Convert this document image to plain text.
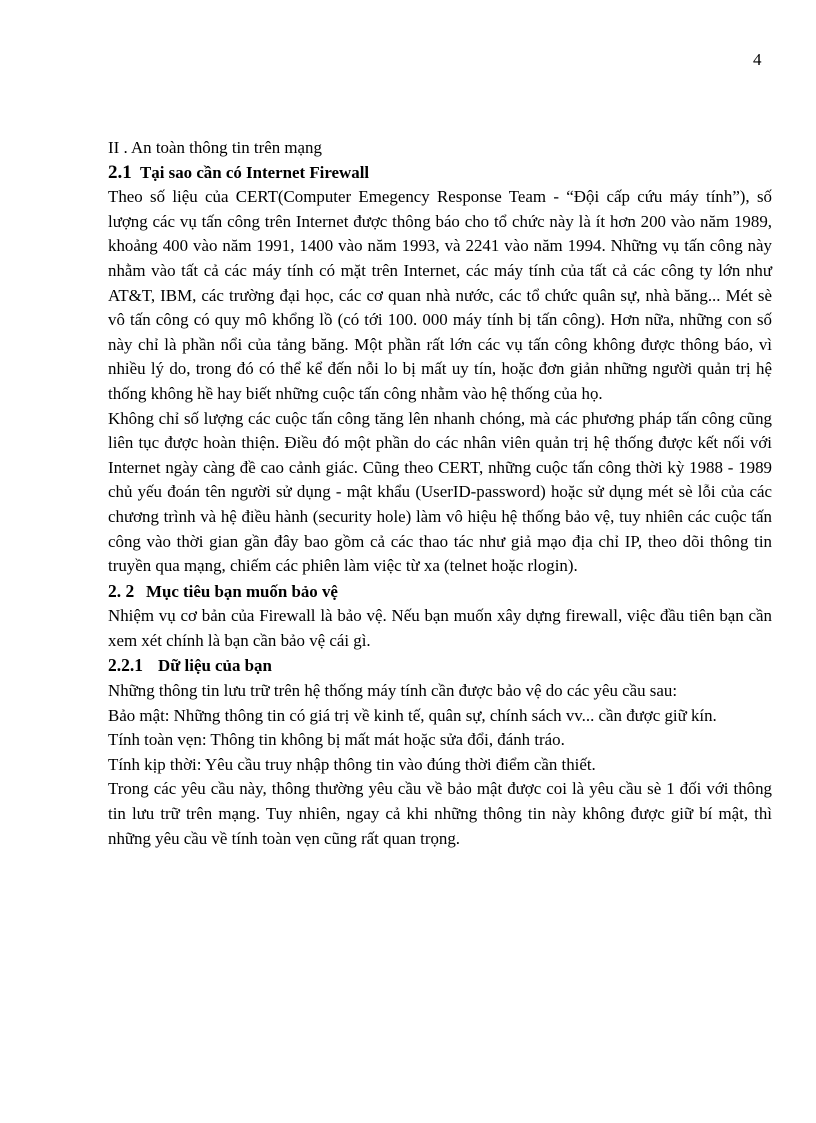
4

II . An toàn thông tin trên mạng

2.1 Tại sao cần có Internet Firewall

Theo số liệu của CERT(Computer Emegency Response Team - “Đội cấp cứu máy tính”), số lượng các vụ tấn công trên Internet được thông báo cho tổ chức này là ít hơn 200 vào năm 1989, khoảng 400 vào năm 1991, 1400 vào năm 1993, và 2241 vào năm 1994. Những vụ tấn công này nhằm vào tất cả các máy tính có mặt trên Internet, các máy tính của tất cả các công ty lớn như AT&T, IBM, các trường đại học, các cơ quan nhà nước, các tổ chức quân sự, nhà băng... Mét sè vô tấn công có quy mô khổng lồ (có tới 100. 000 máy tính bị tấn công). Hơn nữa, những con số này chỉ là phần nổi của tảng băng. Một phần rất lớn các vụ tấn công không được thông báo, vì nhiều lý do, trong đó có thể kể đến nỗi lo bị mất uy tín, hoặc đơn giản những người quản trị hệ thống không hề hay biết những cuộc tấn công nhằm vào hệ thống của họ.

Không chỉ số lượng các cuộc tấn công tăng lên nhanh chóng, mà các phương pháp tấn công cũng liên tục được hoàn thiện. Điều đó một phần do các nhân viên quản trị hệ thống được kết nối với Internet ngày càng đề cao cảnh giác. Cũng theo CERT, những cuộc tấn công thời kỳ 1988 - 1989 chủ yếu đoán tên người sử dụng - mật khẩu (UserID-password) hoặc sử dụng mét sè lỗi của các chương trình và hệ điều hành (security hole) làm vô hiệu hệ thống bảo vệ, tuy nhiên các cuộc tấn công vào thời gian gần đây bao gồm cả các thao tác như giả mạo địa chỉ IP, theo dõi thông tin truyền qua mạng, chiếm các phiên làm việc từ xa (telnet hoặc rlogin).

2. 2 Mục tiêu bạn muốn bảo vệ

Nhiệm vụ cơ bản của Firewall là bảo vệ. Nếu bạn muốn xây dựng firewall, việc đầu tiên bạn cần xem xét chính là bạn cần bảo vệ cái gì.

2.2.1 Dữ liệu của bạn

Những thông tin lưu trữ trên hệ thống máy tính cần được bảo vệ do các yêu cầu sau:

Bảo mật: Những thông tin có giá trị về kinh tế, quân sự, chính sách vv... cần được giữ kín.

Tính toàn vẹn: Thông tin không bị mất mát hoặc sửa đổi, đánh tráo.

Tính kịp thời: Yêu cầu truy nhập thông tin vào đúng thời điểm cần thiết.

Trong các yêu cầu này, thông thường yêu cầu về bảo mật được coi là yêu cầu sè 1 đối với thông tin lưu trữ trên mạng. Tuy nhiên, ngay cả khi những thông tin này không được giữ bí mật, thì những yêu cầu về tính toàn vẹn cũng rất quan trọng.
